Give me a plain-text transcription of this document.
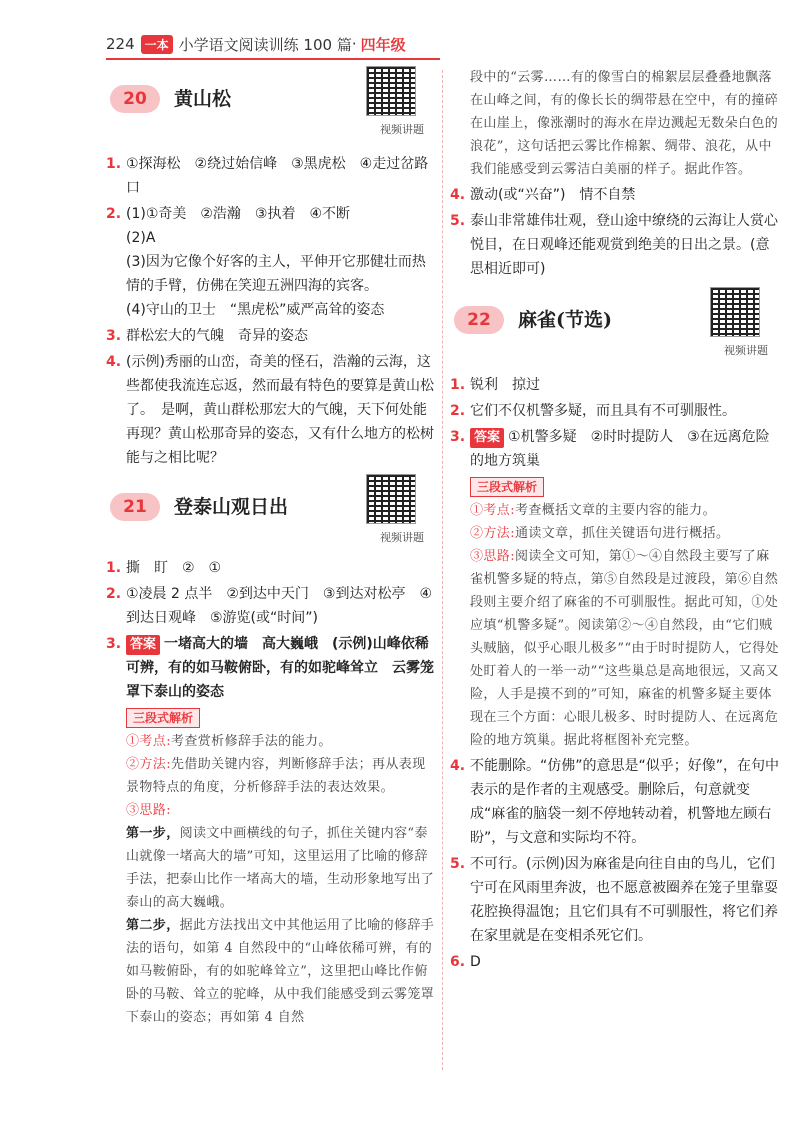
224 一本 小学语文阅读训练 100 篇 · 四年级
20	黄山松
视频讲题
1. ①探海松　②绕过始信峰　③黑虎松　④走过岔路口
2. (1)①奇美　②浩瀚　③执着　④不断
(2)A
(3)因为它像个好客的主人，平伸开它那健壮而热情的手臂，仿佛在笑迎五洲四海的宾客。
(4)守山的卫士　“黑虎松”威严高耸的姿态
3. 群松宏大的气魄　奇异的姿态
4. (示例)秀丽的山峦，奇美的怪石，浩瀚的云海，这些都使我流连忘返，然而最有特色的要算是黄山松了。　是啊，黄山群松那宏大的气魄，天下何处能再现？黄山松那奇异的姿态，又有什么地方的松树能与之相比呢？
21	登泰山观日出
视频讲题
1. 撕　盯　②　①
2. ①凌晨 2 点半　②到达中天门　③到达对松亭　④到达日观峰　⑤游览(或“时间”)
3. 答案 一堵高大的墙　高大巍峨　(示例)山峰依稀可辨，有的如马鞍俯卧，有的如驼峰耸立　云雾笼罩下泰山的姿态
三段式解析
①考点:考查赏析修辞手法的能力。
②方法:先借助关键内容，判断修辞手法；再从表现景物特点的角度，分析修辞手法的表达效果。
③思路:
第一步，阅读文中画横线的句子，抓住关键内容“泰山就像一堵高大的墙”可知，这里运用了比喻的修辞手法，把泰山比作一堵高大的墙，生动形象地写出了泰山的高大巍峨。
第二步，据此方法找出文中其他运用了比喻的修辞手法的语句，如第 4 自然段中的“山峰依稀可辨，有的如马鞍俯卧，有的如驼峰耸立”，这里把山峰比作俯卧的马鞍、耸立的驼峰，从中我们能感受到云雾笼罩下泰山的姿态；再如第 4 自然
段中的“云雾……有的像雪白的棉絮层层叠叠地飘落在山峰之间，有的像长长的绸带悬在空中，有的撞碎在山崖上，像涨潮时的海水在岸边溅起无数朵白色的浪花”，这句话把云雾比作棉絮、绸带、浪花，从中我们能感受到云雾洁白美丽的样子。据此作答。
4. 激动(或“兴奋”)　情不自禁
5. 泰山非常雄伟壮观，登山途中缭绕的云海让人赏心悦目，在日观峰还能观赏到绝美的日出之景。(意思相近即可)
22	麻雀(节选)
视频讲题
1. 锐利　掠过
2. 它们不仅机警多疑，而且具有不可驯服性。
3. 答案 ①机警多疑　②时时提防人　③在远离危险的地方筑巢
三段式解析
①考点:考查概括文章的主要内容的能力。
②方法:通读文章，抓住关键语句进行概括。
③思路:阅读全文可知，第①～④自然段主要写了麻雀机警多疑的特点，第⑤自然段是过渡段，第⑥自然段则主要介绍了麻雀的不可驯服性。据此可知，①处应填“机警多疑”。阅读第②～④自然段，由“它们贼头贼脑，似乎心眼儿极多”“由于时时提防人，它得处处盯着人的一举一动”“这些巢总是高地很远，又高又险，人手是摸不到的”可知，麻雀的机警多疑主要体现在三个方面：心眼儿极多、时时提防人、在远离危险的地方筑巢。据此将框图补充完整。
4. 不能删除。“仿佛”的意思是“似乎；好像”，在句中表示的是作者的主观感受。删除后，句意就变成“麻雀的脑袋一刻不停地转动着，机警地左顾右盼”，与文意和实际均不符。
5. 不可行。(示例)因为麻雀是向往自由的鸟儿，它们宁可在风雨里奔波，也不愿意被圈养在笼子里靠耍花腔换得温饱；且它们具有不可驯服性，将它们养在家里就是在变相杀死它们。
6. D
